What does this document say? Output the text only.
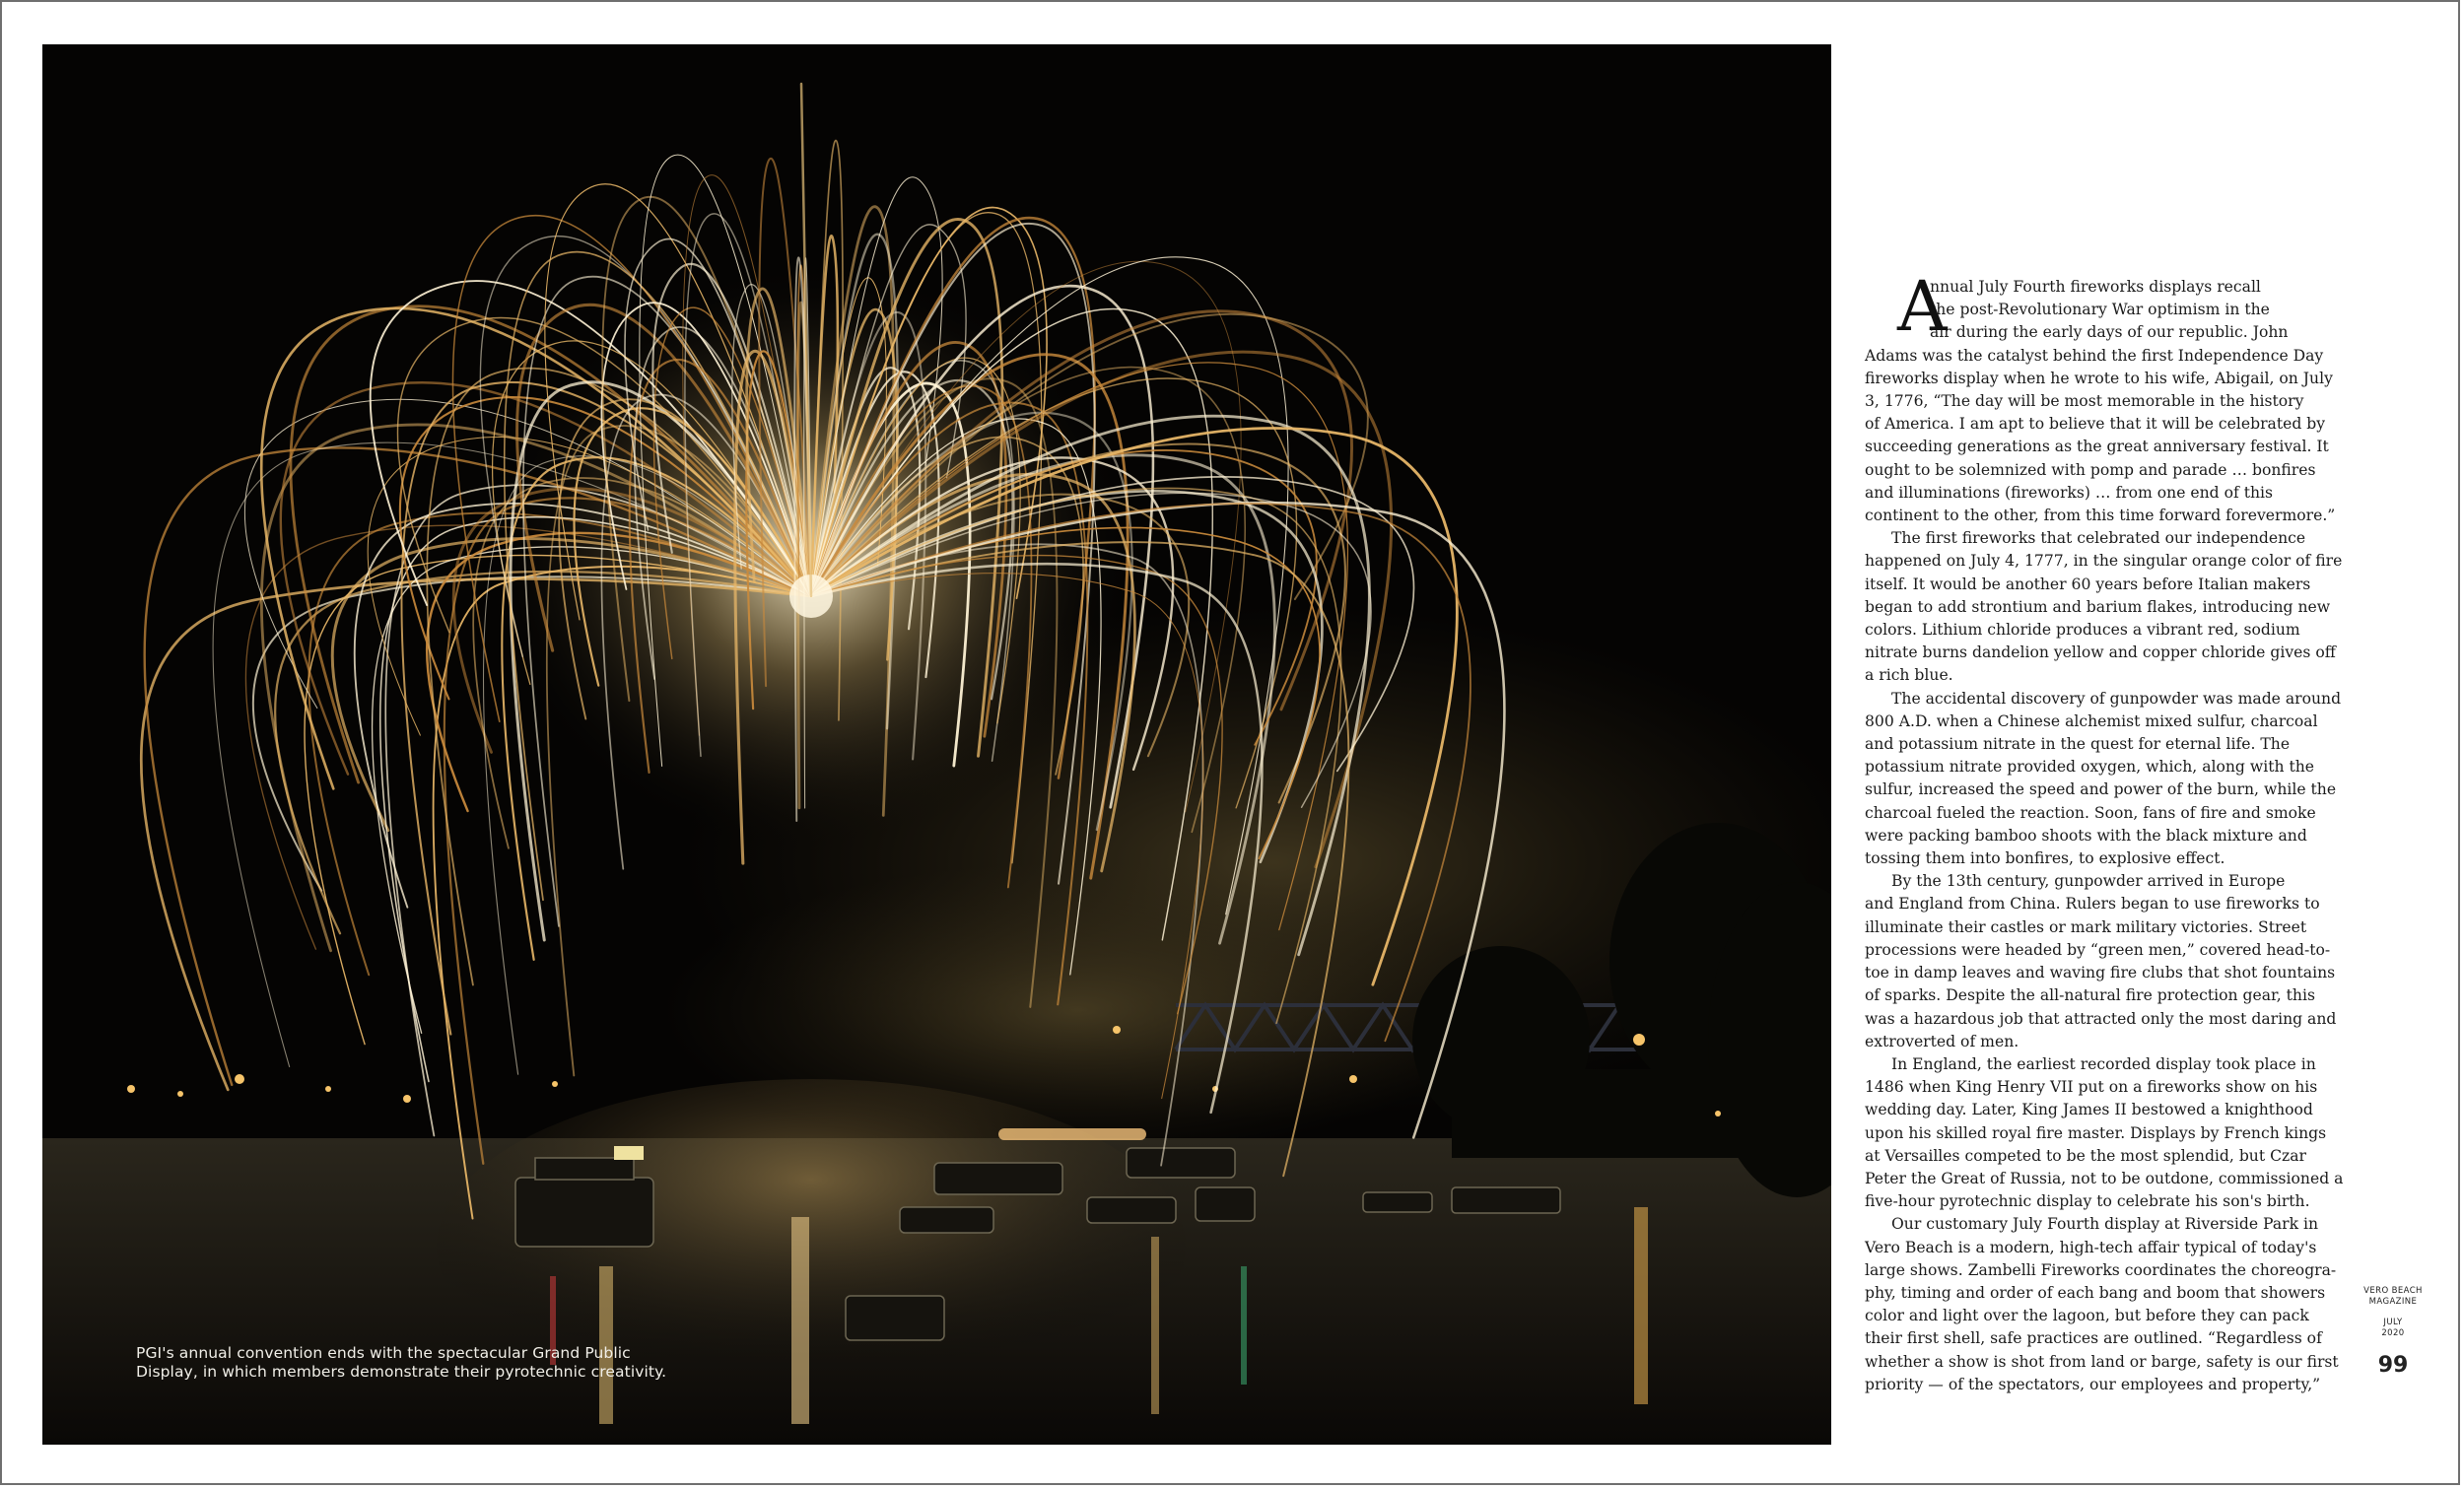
PGI's annual convention ends with the spectacular Grand Public
Display, in which members demonstrate their pyrotechnic creativity.
A
nnual July Fourth fireworks displays recall
the post-Revolutionary War optimism in the
air during the early days of our republic. John
Adams was the catalyst behind the first Independence Day
fireworks display when he wrote to his wife, Abigail, on July
3, 1776, “The day will be most memorable in the history
of America. I am apt to believe that it will be celebrated by
succeeding generations as the great anniversary festival. It
ought to be solemnized with pomp and parade … bonfires
and illuminations (fireworks) … from one end of this
continent to the other, from this time forward forevermore.”
The first fireworks that celebrated our independence
happened on July 4, 1777, in the singular orange color of fire
itself. It would be another 60 years before Italian makers
began to add strontium and barium flakes, introducing new
colors. Lithium chloride produces a vibrant red, sodium
nitrate burns dandelion yellow and copper chloride gives off
a rich blue.
The accidental discovery of gunpowder was made around
800 A.D. when a Chinese alchemist mixed sulfur, charcoal
and potassium nitrate in the quest for eternal life. The
potassium nitrate provided oxygen, which, along with the
sulfur, increased the speed and power of the burn, while the
charcoal fueled the reaction. Soon, fans of fire and smoke
were packing bamboo shoots with the black mixture and
tossing them into bonfires, to explosive effect.
By the 13th century, gunpowder arrived in Europe
and England from China. Rulers began to use fireworks to
illuminate their castles or mark military victories. Street
processions were headed by “green men,” covered head-to-
toe in damp leaves and waving fire clubs that shot fountains
of sparks. Despite the all-natural fire protection gear, this
was a hazardous job that attracted only the most daring and
extroverted of men.
In England, the earliest recorded display took place in
1486 when King Henry VII put on a fireworks show on his
wedding day. Later, King James II bestowed a knighthood
upon his skilled royal fire master. Displays by French kings
at Versailles competed to be the most splendid, but Czar
Peter the Great of Russia, not to be outdone, commissioned a
five-hour pyrotechnic display to celebrate his son's birth.
Our customary July Fourth display at Riverside Park in
Vero Beach is a modern, high-tech affair typical of today's
large shows. Zambelli Fireworks coordinates the choreogra-
phy, timing and order of each bang and boom that showers
color and light over the lagoon, but before they can pack
their first shell, safe practices are outlined. “Regardless of
whether a show is shot from land or barge, safety is our first
priority — of the spectators, our employees and property,”
VERO BEACH
MAGAZINE
JULY
2020
99
